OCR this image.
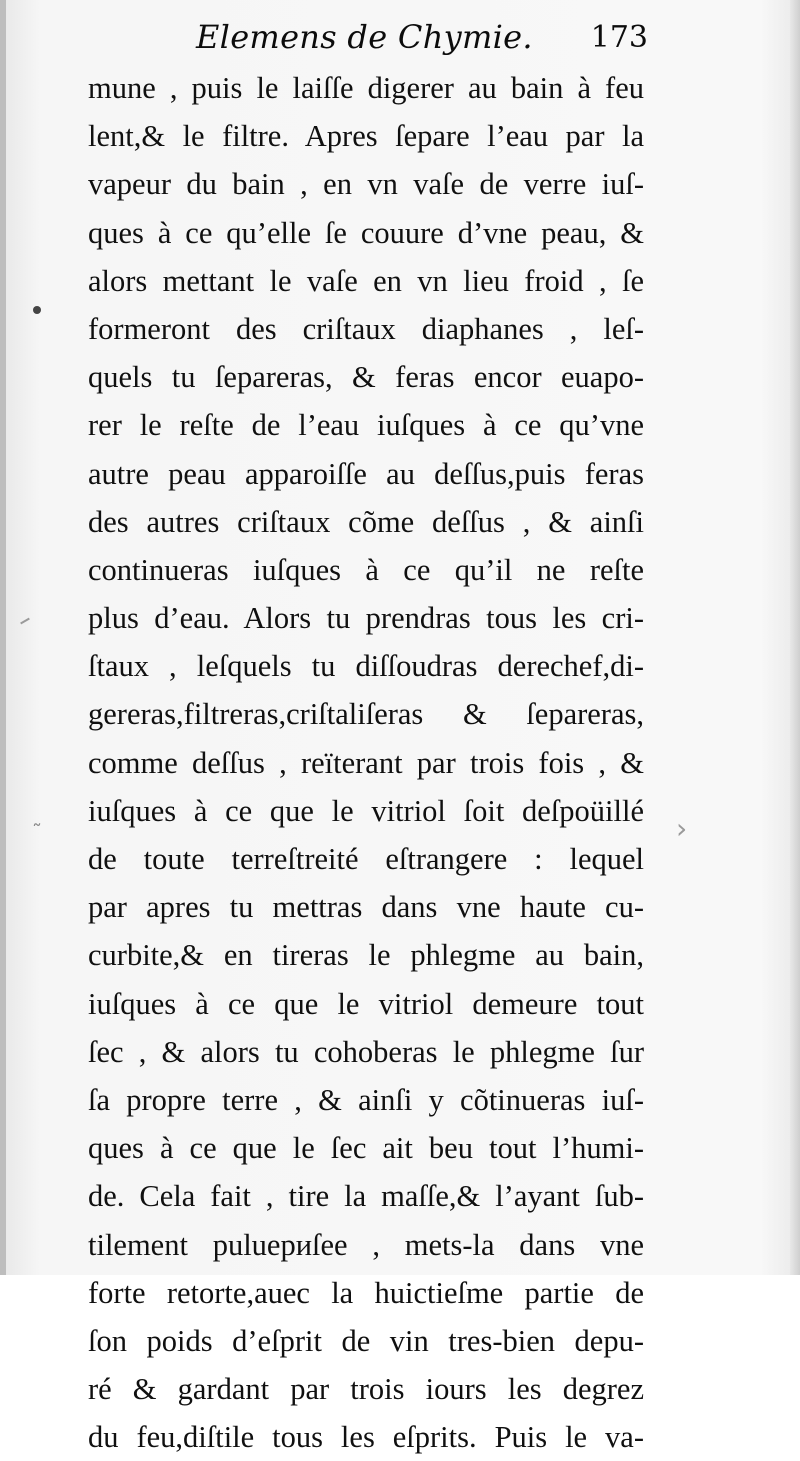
Elemens de Chymie. 173
mune , puis le laiſſe digerer au bain à feu
lent,& le filtre. Apres ſepare l’eau par la
vapeur du bain , en vn vaſe de verre iuſ-
ques à ce qu’elle ſe couure d’vne peau, &
alors mettant le vaſe en vn lieu froid , ſe
formeront des criſtaux diaphanes , leſ-
quels tu ſepareras, & feras encor euapo-
rer le reſte de l’eau iuſques à ce qu’vne
autre peau apparoiſſe au deſſus,puis feras
des autres criſtaux cõme deſſus , & ainſi
continueras iuſques à ce qu’il ne reſte
plus d’eau. Alors tu prendras tous les cri-
ſtaux , leſquels tu diſſoudras derechef,di-
gereras,filtreras,criſtaliſeras & ſepareras,
comme deſſus , reïterant par trois fois , &
iuſques à ce que le vitriol ſoit deſpoüillé
de toute terreſtreité eſtrangere : lequel
par apres tu mettras dans vne haute cu-
curbite,& en tireras le phlegme au bain,
iuſques à ce que le vitriol demeure tout
ſec , & alors tu cohoberas le phlegme ſur
ſa propre terre , & ainſi y cõtinueras iuſ-
ques à ce que le ſec ait beu tout l’humi-
de. Cela fait , tire la maſſe,& l’ayant ſub-
tilement puluериſee , mets-la dans vne
forte retorte,auec la huictieſme partie de
ſon poids d’eſprit de vin tres-bien depu-
ré & gardant par trois iours les degrez
du feu,diſtile tous les eſprits. Puis le va-
›
˜
